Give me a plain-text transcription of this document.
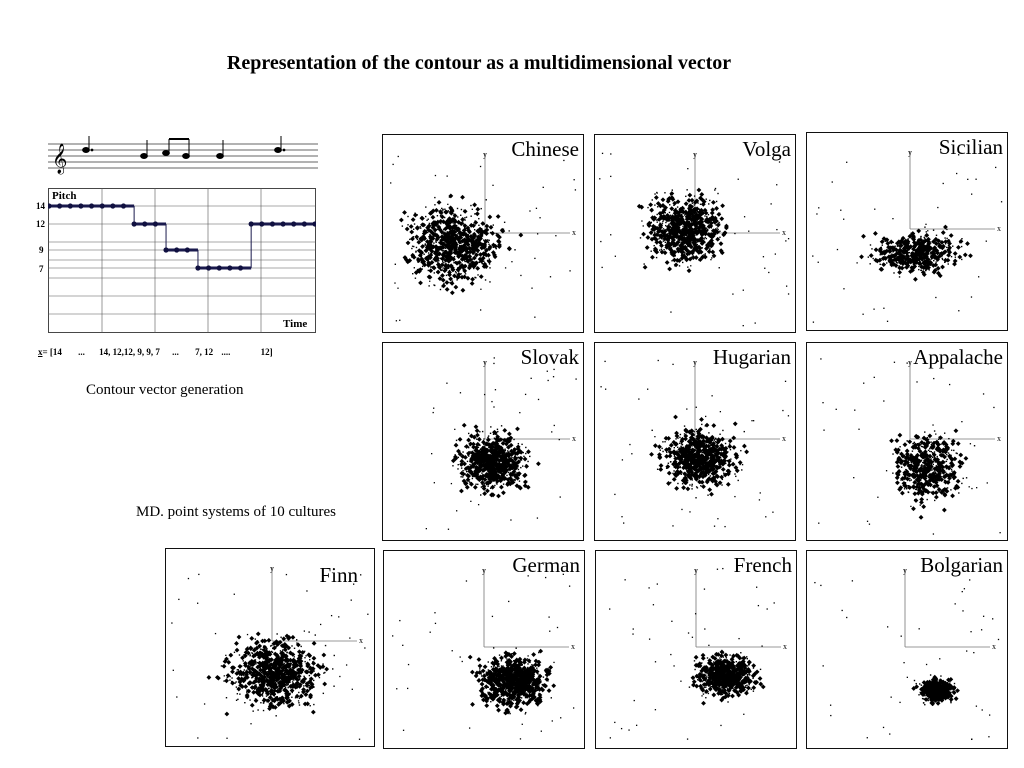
Representation of the contour as a multidimensional vector
𝄞
Pitch
Time
14
12
9
7
x= [14 ... 14, 12,12, 9, 9, 7 ... 7, 12 ....	12]
Contour vector generation
MD. point systems of 10 cultures
y
x
Chinese	y
x
Volga	y
x
Sicilian
y
x
Slovak	y
x
Hugarian	y
x
Appalache
y
x
Finn	y
x
German	y
x
French	y
x
Bolgarian
